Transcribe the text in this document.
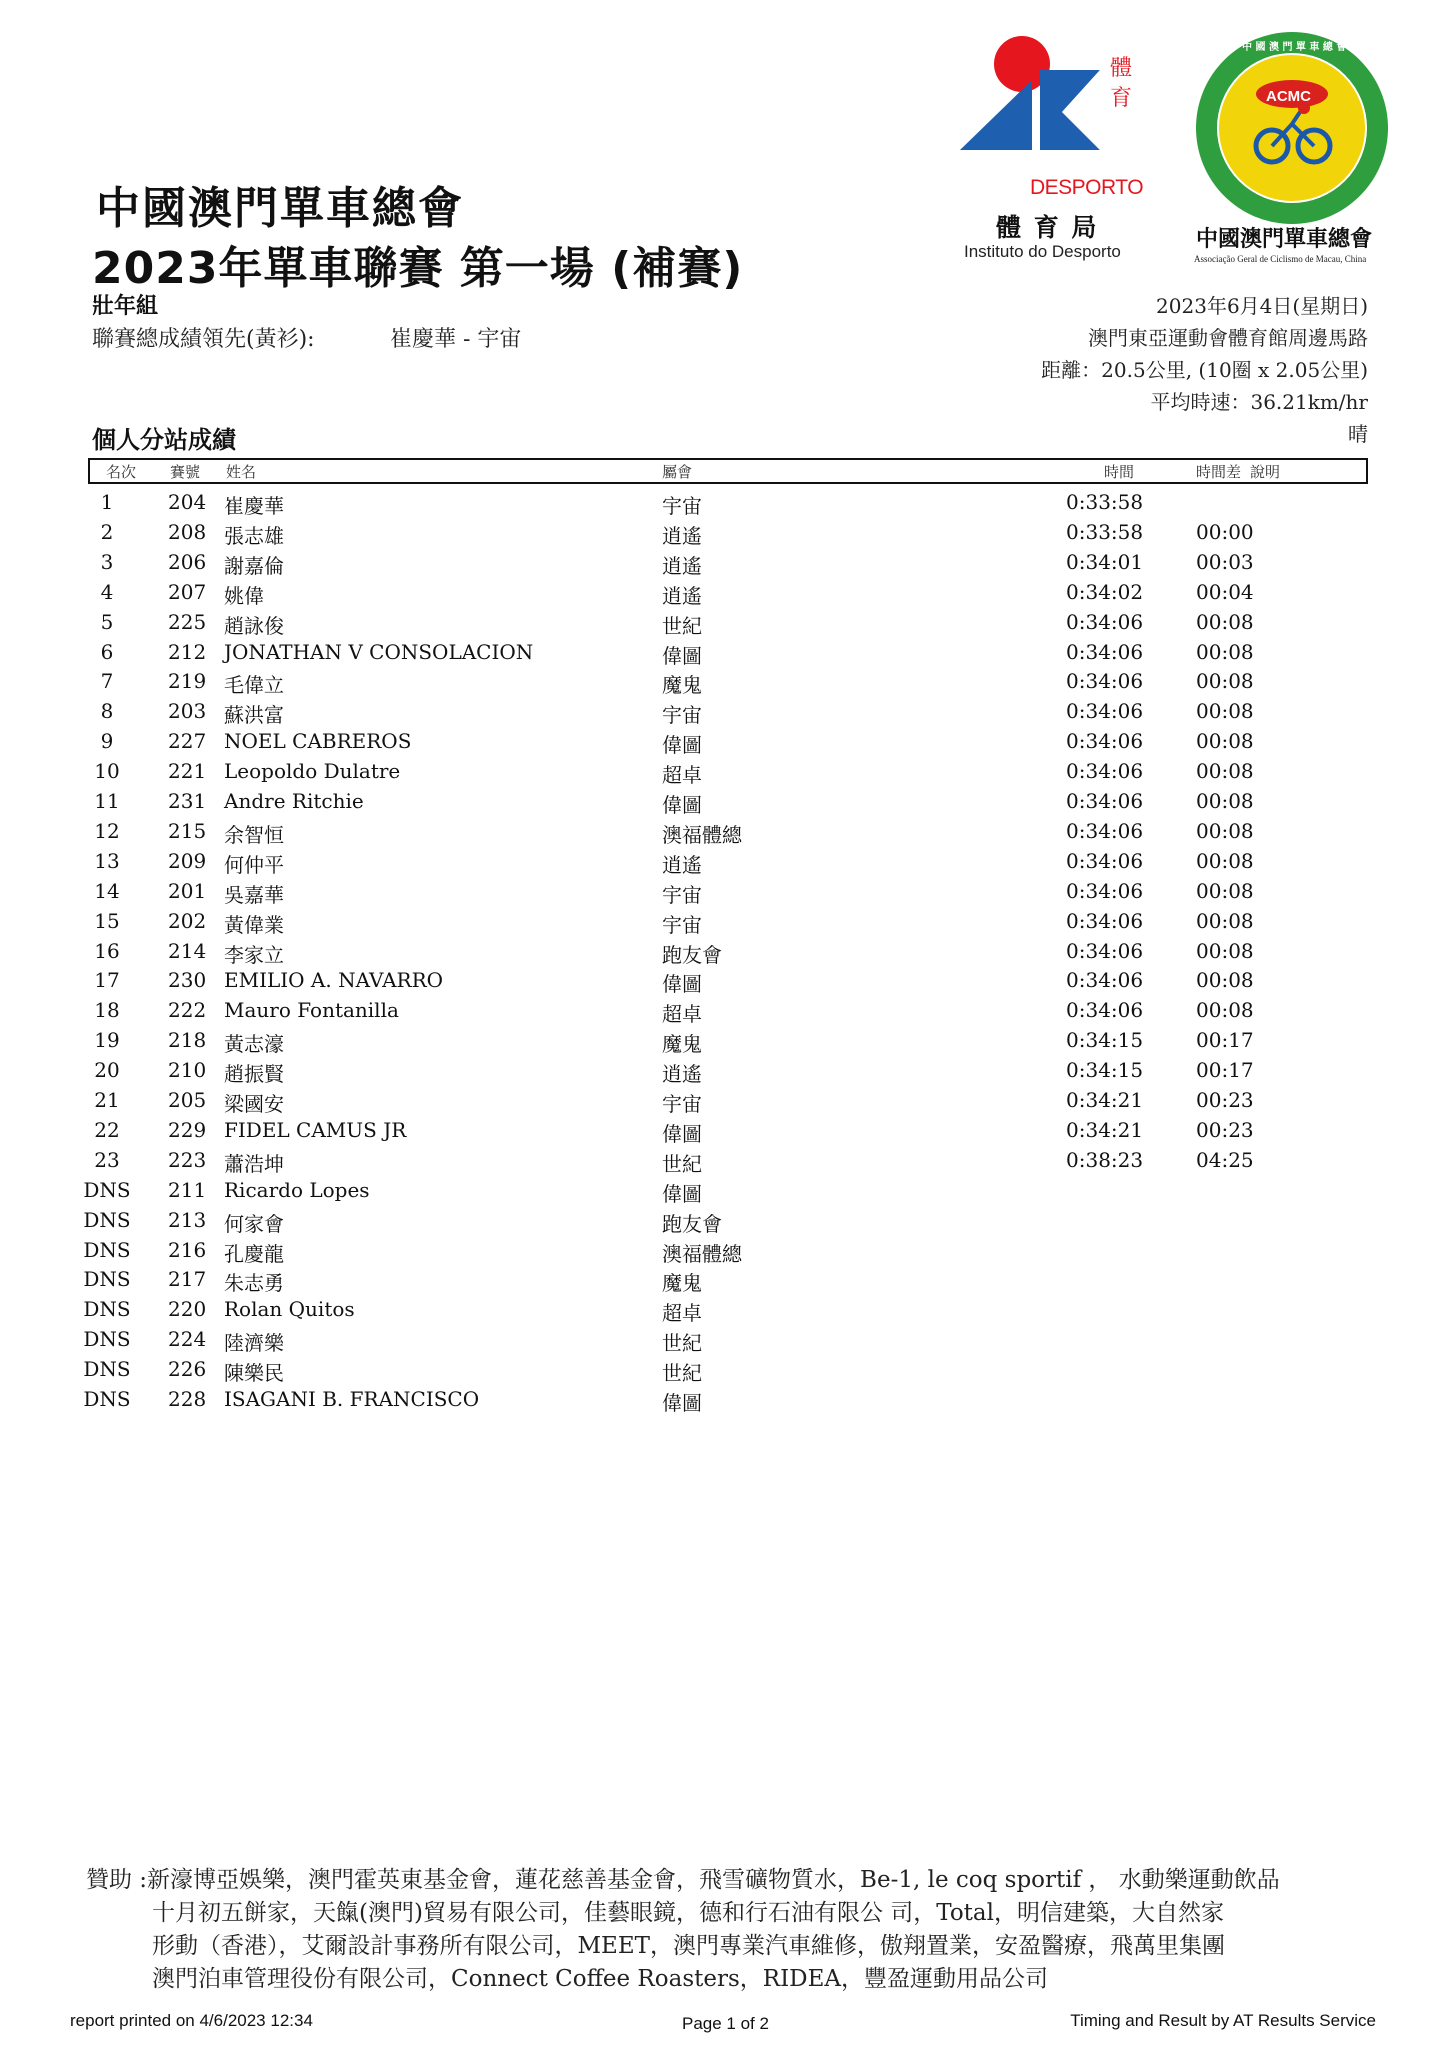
中國澳門單車總會
2023年單車聯賽 第一場 (補賽)
壯年組
聯賽總成績領先(黃衫):	崔慶華 - 宇宙
體
育
DESPORTO
體 育 局
Instituto do Desporto
ACMC
中 國 澳 門 單 車 總 會
中國澳門單車總會
Associação Geral de Ciclismo de Macau, China
2023年6月4日(星期日)
澳門東亞運動會體育館周邊馬路
距離：20.5公里, (10圈 x 2.05公里)
平均時速：36.21km/hr
晴
個人分站成績
名次 賽號 姓名	屬會	時間	時間差 說明
1	204 崔慶華	宇宙	0:33:58
2	208 張志雄	逍遙	0:33:58	00:00
3	206 謝嘉倫	逍遙	0:34:01	00:03
4	207 姚偉	逍遙	0:34:02	00:04
5	225 趙詠俊	世紀	0:34:06	00:08
6	212 JONATHAN V CONSOLACION	偉圖	0:34:06	00:08
7	219 毛偉立	魔鬼	0:34:06	00:08
8	203 蘇洪富	宇宙	0:34:06	00:08
9	227 NOEL CABREROS	偉圖	0:34:06	00:08
10	221 Leopoldo Dulatre	超卓	0:34:06	00:08
11	231 Andre Ritchie	偉圖	0:34:06	00:08
12	215 余智恒	澳福體總	0:34:06	00:08
13	209 何仲平	逍遙	0:34:06	00:08
14	201 吳嘉華	宇宙	0:34:06	00:08
15	202 黃偉業	宇宙	0:34:06	00:08
16	214 李家立	跑友會	0:34:06	00:08
17	230 EMILIO A. NAVARRO	偉圖	0:34:06	00:08
18	222 Mauro Fontanilla	超卓	0:34:06	00:08
19	218 黃志濠	魔鬼	0:34:15	00:17
20	210 趙振賢	逍遙	0:34:15	00:17
21	205 梁國安	宇宙	0:34:21	00:23
22	229 FIDEL CAMUS JR	偉圖	0:34:21	00:23
23	223 蕭浩坤	世紀	0:38:23	04:25
DNS	211 Ricardo Lopes	偉圖
DNS	213 何家會	跑友會
DNS	216 孔慶龍	澳福體總
DNS	217 朱志勇	魔鬼
DNS	220 Rolan Quitos	超卓
DNS	224 陸濟樂	世紀
DNS	226 陳樂民	世紀
DNS	228 ISAGANI B. FRANCISCO	偉圖
贊助 :新濠博亞娛樂，澳門霍英東基金會，蓮花慈善基金會，飛雪礦物質水，Be-1, le coq sportif ， 水動樂運動飲品
十月初五餅家，天餼(澳門)貿易有限公司，佳藝眼鏡，德和行石油有限公 司，Total，明信建築，大自然家
形動（香港），艾爾設計事務所有限公司，MEET，澳門專業汽車維修，傲翔置業，安盈醫療，飛萬里集團
澳門泊車管理役份有限公司，Connect Coffee Roasters，RIDEA，豐盈運動用品公司
report printed on 4/6/2023 12:34	Page 1 of 2	Timing and Result by AT Results Service
